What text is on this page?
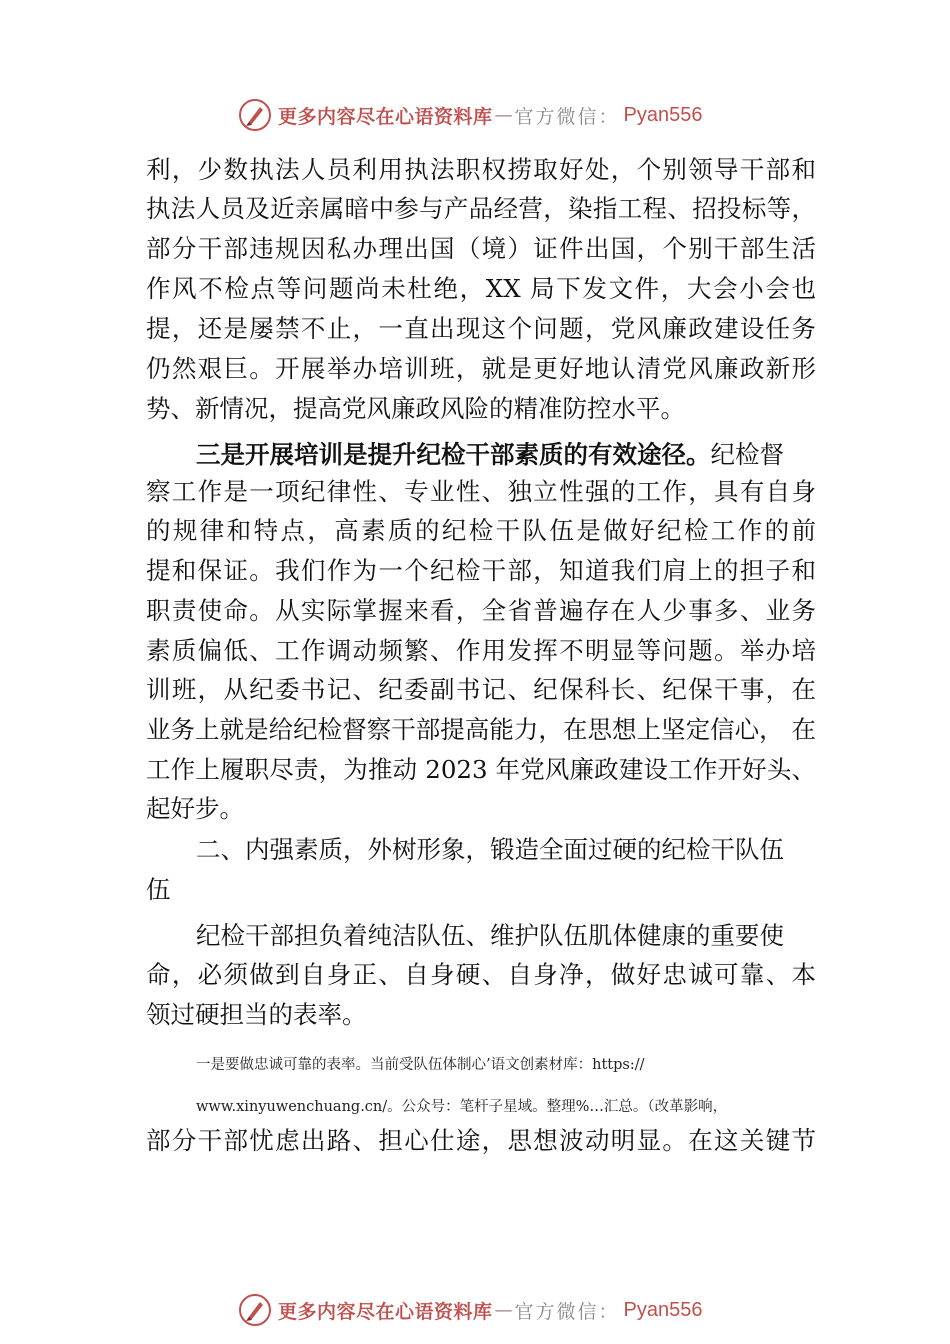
更多内容尽在心语资料库 — 官方微信： Pyan556
利，少数执法人员利用执法职权捞取好处，个别领导干部和
执法人员及近亲属暗中参与产品经营，染指工程、招投标等，
部分干部违规因私办理出国（境）证件出国，个别干部生活
作风不检点等问题尚未杜绝，XX 局下发文件，大会小会也
提，还是屡禁不止，一直出现这个问题，党风廉政建设任务
仍然艰巨。开展举办培训班，就是更好地认清党风廉政新形
势、新情况，提高党风廉政风险的精准防控水平。
三是开展培训是提升纪检干部素质的有效途径。纪检督
察工作是一项纪律性、专业性、独立性强的工作，具有自身
的规律和特点，高素质的纪检干队伍是做好纪检工作的前
提和保证。我们作为一个纪检干部，知道我们肩上的担子和
职责使命。从实际掌握来看，全省普遍存在人少事多、业务
素质偏低、工作调动频繁、作用发挥不明显等问题。举办培
训班，从纪委书记、纪委副书记、纪保科长、纪保干事，在
业务上就是给纪检督察干部提高能力，在思想上坚定信心， 在
工作上履职尽责，为推动 2023 年党风廉政建设工作开好头、
起好步。
二、内强素质，外树形象，锻造全面过硬的纪检干队伍
伍
纪检干部担负着纯洁队伍、维护队伍肌体健康的重要使
命，必须做到自身正、自身硬、自身净，做好忠诚可靠、本
领过硬担当的表率。
一是要做忠诚可靠的表率。当前受队伍体制心’语文创素材库：https://
www.xinyuwenchuang.cn/。公众号：笔杆子星域。整理%…汇总。（改革影响，
部分干部忧虑出路、担心仕途，思想波动明显。在这关键节
更多内容尽在心语资料库 — 官方微信： Pyan556
